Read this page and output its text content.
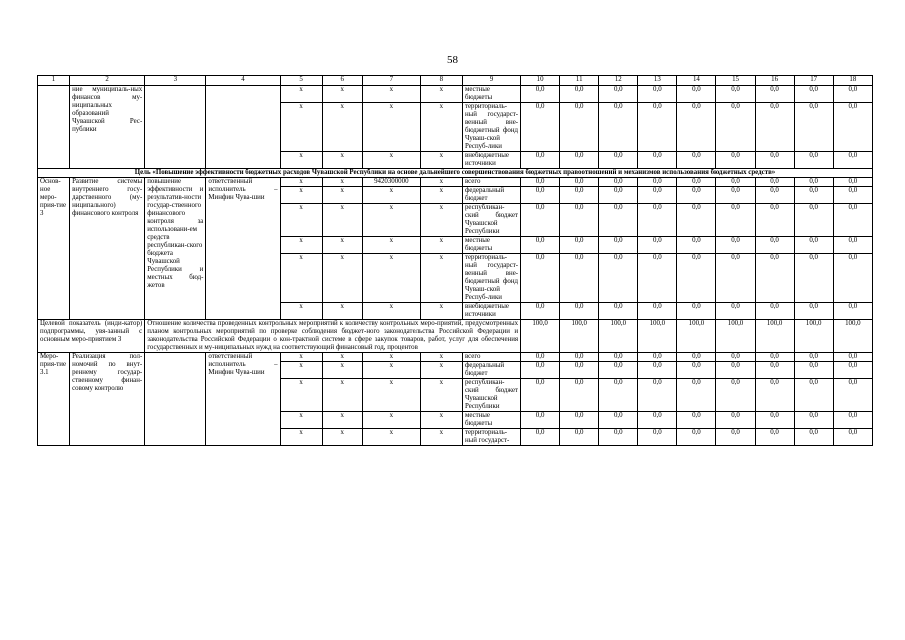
58
1	2	3	4	5	6	7	8	9	10	11	12	13	14	15	16	17	18
	ние муниципаль-ных финансов му-ниципальных образований Чувашской Рес-публики			x	x	x	x	местные бюджеты	0,0	0,0	0,0	0,0	0,0	0,0	0,0	0,0	0,0
				x	x	x	x	территориаль-ный государст-венный вне-бюджетный фонд Чуваш-ской Респуб-лики	0,0	0,0	0,0	0,0	0,0	0,0	0,0	0,0	0,0
				x	x	x	x	внебюджетные источники	0,0	0,0	0,0	0,0	0,0	0,0	0,0	0,0	0,0
Цель «Повышение эффективности бюджетных расходов Чувашской Республики на основе дальнейшего совершенствования бюджетных правоотношений и механизмов использования бюджетных средств»																	
Основ-ное меро-прия-тие 3	Развитие системы внутреннего госу-дарственного (му-ниципального) финансового контроля	повышение эффективности и результатив-ности государ-ственного финансового контроля за использовани-ем средств республикан-ского бюджета Чувашской Республики и местных бюд-жетов	ответственный исполнитель – Минфин Чува-шии	x	x	9420300000	x	всего	0,0	0,0	0,0	0,0	0,0	0,0	0,0	0,0	0,0
				x	x	x	x	федеральный бюджет	0,0	0,0	0,0	0,0	0,0	0,0	0,0	0,0	0,0
				x	x	x	x	республикан-ский бюджет Чувашской Республики	0,0	0,0	0,0	0,0	0,0	0,0	0,0	0,0	0,0
				x	x	x	x	местные бюджеты	0,0	0,0	0,0	0,0	0,0	0,0	0,0	0,0	0,0
				x	x	x	x	территориаль-ный государст-венный вне-бюджетный фонд Чуваш-ской Респуб-лики	0,0	0,0	0,0	0,0	0,0	0,0	0,0	0,0	0,0
				x	x	x	x	внебюджетные источники	0,0	0,0	0,0	0,0	0,0	0,0	0,0	0,0	0,0
Целевой показатель (инди-катор) подпрограммы, увя-занный с основным меро-приятием 3		Отношение количества проведенных контрольных мероприятий к количеству контрольных меро-приятий, предусмотренных планом контрольных мероприятий по проверке соблюдения бюджет-ного законодательства Российской Федерации и законодательства Российской Федерации о кон-трактной системе в сфере закупок товаров, работ, услуг для обеспечения государственных и му-ниципальных нужд на соответствующий финансовый год, процентов							100,0	100,0	100,0	100,0	100,0	100,0	100,0	100,0	100,0
Меро-прия-тие 3.1	Реализация пол-номочий по внут-реннему государ-ственному финан-совому контролю		ответственный исполнитель – Минфин Чува-шии	x	x	x	x	всего	0,0	0,0	0,0	0,0	0,0	0,0	0,0	0,0	0,0
				x	x	x	x	федеральный бюджет	0,0	0,0	0,0	0,0	0,0	0,0	0,0	0,0	0,0
				x	x	x	x	республикан-ский бюджет Чувашской Республики	0,0	0,0	0,0	0,0	0,0	0,0	0,0	0,0	0,0
				x	x	x	x	местные бюджеты	0,0	0,0	0,0	0,0	0,0	0,0	0,0	0,0	0,0
				x	x	x	x	территориаль-ный государст-	0,0	0,0	0,0	0,0	0,0	0,0	0,0	0,0	0,0
